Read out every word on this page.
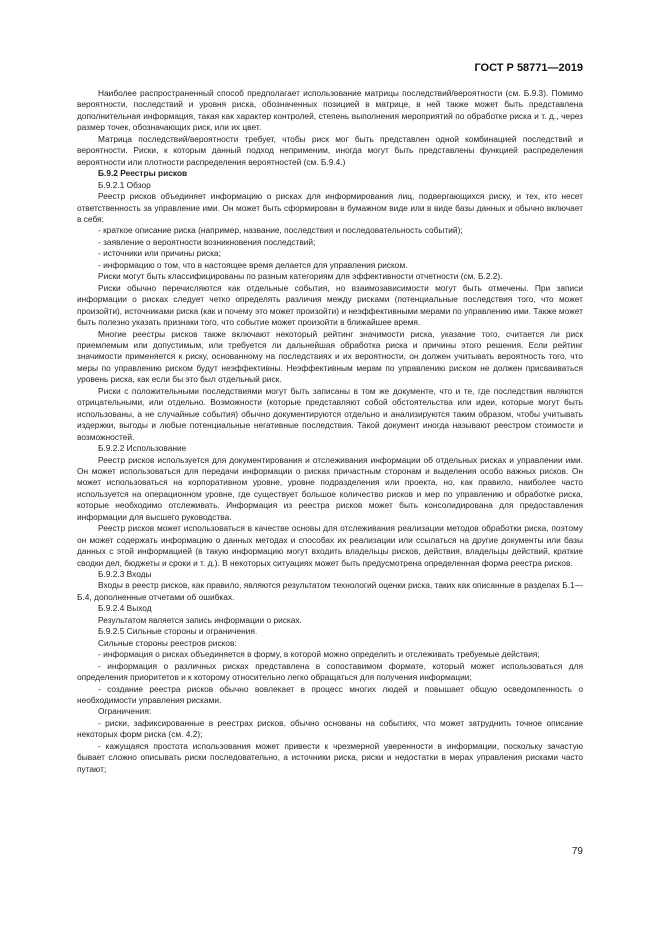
ГОСТ Р 58771—2019

Наиболее распространенный способ предполагает использование матрицы последствий/вероятности (см. Б.9.3). Помимо вероятности, последствий и уровня риска, обозначенных позицией в матрице, в ней также может быть представлена дополнительная информация, такая как характер контролей, степень выполнения мероприятий по обработке риска и т. д., через размер точек, обозначающих риск, или их цвет.

Матрица последствий/вероятности требует, чтобы риск мог быть представлен одной комбинацией последствий и вероятности. Риски, к которым данный подход неприменим, иногда могут быть представлены функцией распределения вероятности или плотности распределения вероятностей (см. Б.9.4.)

Б.9.2 Реестры рисков

Б.9.2.1 Обзор

Реестр рисков объединяет информацию о рисках для информирования лиц, подвергающихся риску, и тех, кто несет ответственность за управление ими. Он может быть сформирован в бумажном виде или в виде базы данных и обычно включает в себя:

- краткое описание риска (например, название, последствия и последовательность событий);

- заявление о вероятности возникновения последствий;

- источники или причины риска;

- информацию о том, что в настоящее время делается для управления риском.

Риски могут быть классифицированы по разным категориям для эффективности отчетности (см. Б.2.2).

Риски обычно перечисляются как отдельные события, но взаимозависимости могут быть отмечены. При записи информации о рисках следует четко определять различия между рисками (потенциальные последствия того, что может произойти), источниками риска (как и почему это может произойти) и неэффективными мерами по управлению ими. Также может быть полезно указать признаки того, что событие может произойти в ближайшее время.

Многие реестры рисков также включают некоторый рейтинг значимости риска, указание того, считается ли риск приемлемым или допустимым, или требуется ли дальнейшая обработка риска и причины этого решения. Если рейтинг значимости применяется к риску, основанному на последствиях и их вероятности, он должен учитывать вероятность того, что меры по управлению риском будут неэффективны. Неэффективным мерам по управлению риском не должен присваиваться уровень риска, как если бы это был отдельный риск.

Риски с положительными последствиями могут быть записаны в том же документе, что и те, где последствия являются отрицательными, или отдельно. Возможности (которые представляют собой обстоятельства или идеи, которые могут быть использованы, а не случайные события) обычно документируются отдельно и анализируются таким образом, чтобы учитывать издержки, выгоды и любые потенциальные негативные последствия. Такой документ иногда называют реестром стоимости и возможностей.

Б.9.2.2 Использование

Реестр рисков используется для документирования и отслеживания информации об отдельных рисках и управлении ими. Он может использоваться для передачи информации о рисках причастным сторонам и выделения особо важных рисков. Он может использоваться на корпоративном уровне, уровне подразделения или проекта, но, как правило, наиболее часто используется на операционном уровне, где существует большое количество рисков и мер по управлению и обработке риска, которые необходимо отслеживать. Информация из реестра рисков может быть консолидирована для предоставления информации для высшего руководства.

Реестр рисков может использоваться в качестве основы для отслеживания реализации методов обработки риска, поэтому он может содержать информацию о данных методах и способах их реализации или ссылаться на другие документы или базы данных с этой информацией (в такую информацию могут входить владельцы рисков, действия, владельцы действий, краткие сводки дел, бюджеты и сроки и т. д.). В некоторых ситуациях может быть предусмотрена определенная форма реестра рисков.

Б.9.2.3 Входы

Входы в реестр рисков, как правило, являются результатом технологий оценки риска, таких как описанные в разделах Б.1—Б.4, дополненные отчетами об ошибках.

Б.9.2.4 Выход

Результатом является запись информации о рисках.

Б.9.2.5 Сильные стороны и ограничения.

Сильные стороны реестров рисков:

- информация о рисках объединяется в форму, в которой можно определить и отслеживать требуемые действия;

- информация о различных рисках представлена в сопоставимом формате, который может использоваться для определения приоритетов и к которому относительно легко обращаться для получения информации;

- создание реестра рисков обычно вовлекает в процесс многих людей и повышает общую осведомленность о необходимости управления рисками.

Ограничения:

- риски, зафиксированные в реестрах рисков, обычно основаны на событиях, что может затруднить точное описание некоторых форм риска (см. 4.2);

- кажущаяся простота использования может привести к чрезмерной уверенности в информации, поскольку зачастую бывает сложно описывать риски последовательно, а источники риска, риски и недостатки в мерах управления рисками часто путают;

79
